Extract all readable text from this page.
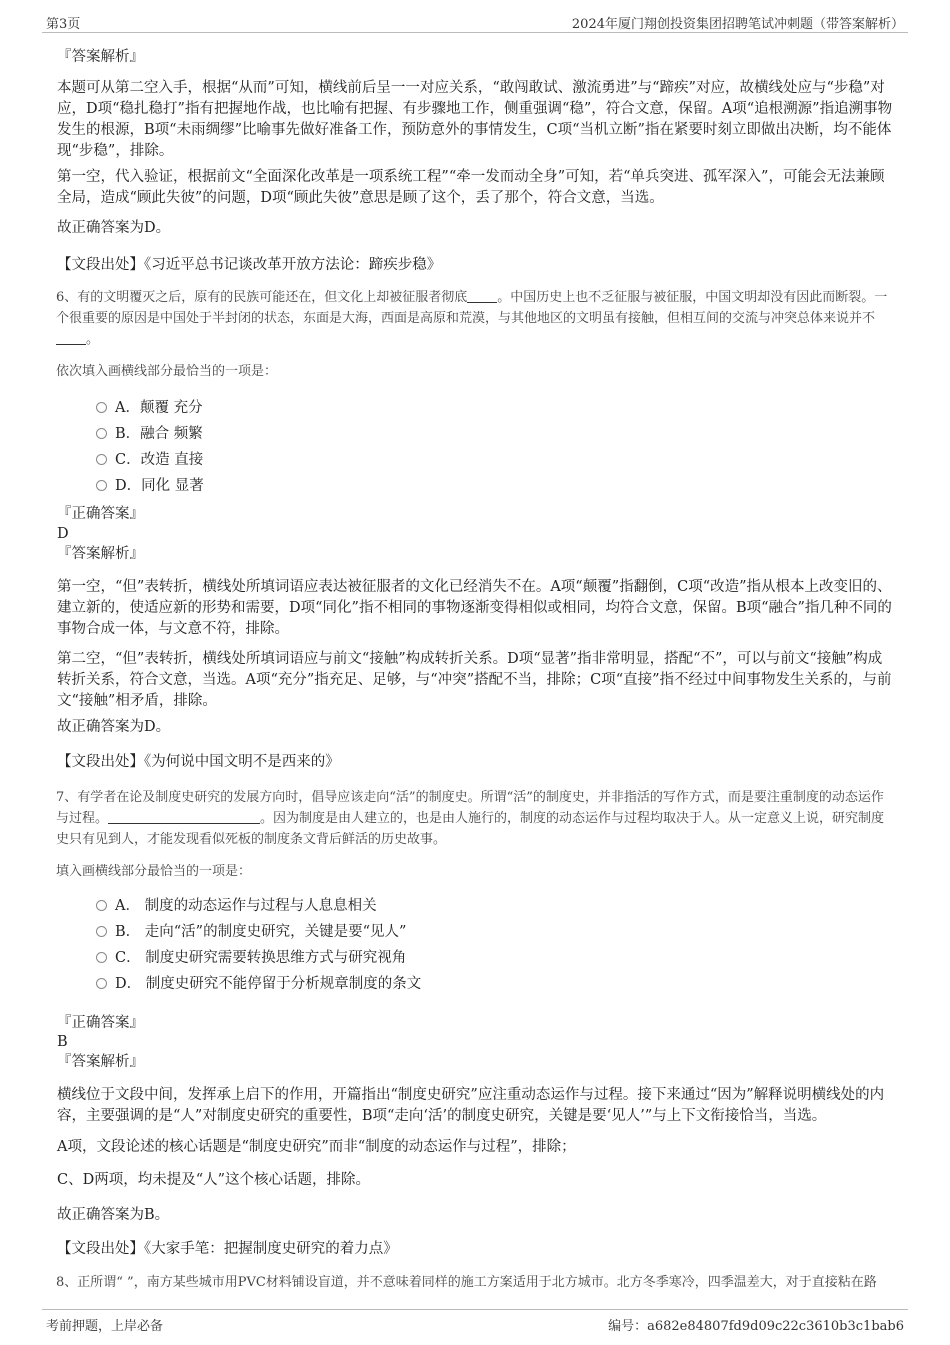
第3页	2024年厦门翔创投资集团招聘笔试冲刺题（带答案解析）

『答案解析』

本题可从第二空入手，根据“从而”可知，横线前后呈一一对应关系，“敢闯敢试、激流勇进”与“蹄疾”对应，故横线处应与“步稳”对应，D项“稳扎稳打”指有把握地作战，也比喻有把握、有步骤地工作，侧重强调“稳”，符合文意，保留。A项“追根溯源”指追溯事物发生的根源，B项“未雨绸缪”比喻事先做好准备工作，预防意外的事情发生，C项“当机立断”指在紧要时刻立即做出决断，均不能体现“步稳”，排除。

第一空，代入验证，根据前文“全面深化改革是一项系统工程”“牵一发而动全身”可知，若“单兵突进、孤军深入”，可能会无法兼顾全局，造成“顾此失彼”的问题，D项“顾此失彼”意思是顾了这个，丢了那个，符合文意，当选。

故正确答案为D。

【文段出处】《习近平总书记谈改革开放方法论：蹄疾步稳》

6、有的文明覆灭之后，原有的民族可能还在，但文化上却被征服者彻底 。中国历史上也不乏征服与被征服，中国文明却没有因此而断裂。一个很重要的原因是中国处于半封闭的状态，东面是大海，西面是高原和荒漠，与其他地区的文明虽有接触，但相互间的交流与冲突总体来说并不。

依次填入画横线部分最恰当的一项是：

A．颠覆 充分
B．融合 频繁
C．改造 直接
D．同化 显著

『正确答案』

D

『答案解析』

第一空，“但”表转折，横线处所填词语应表达被征服者的文化已经消失不在。A项“颠覆”指翻倒，C项“改造”指从根本上改变旧的、建立新的，使适应新的形势和需要，D项“同化”指不相同的事物逐渐变得相似或相同，均符合文意，保留。B项“融合”指几种不同的事物合成一体，与文意不符，排除。

第二空，“但”表转折，横线处所填词语应与前文“接触”构成转折关系。D项“显著”指非常明显，搭配“不”，可以与前文“接触”构成转折关系，符合文意，当选。A项“充分”指充足、足够，与“冲突”搭配不当，排除；C项“直接”指不经过中间事物发生关系的，与前文“接触”相矛盾，排除。

故正确答案为D。

【文段出处】《为何说中国文明不是西来的》

7、有学者在论及制度史研究的发展方向时，倡导应该走向“活”的制度史。所谓“活”的制度史，并非指活的写作方式，而是要注重制度的动态运作与过程。	。因为制度是由人建立的，也是由人施行的，制度的动态运作与过程均取决于人。从一定意义上说，研究制度史只有见到人，才能发现看似死板的制度条文背后鲜活的历史故事。

填入画横线部分最恰当的一项是：

A． 制度的动态运作与过程与人息息相关
B． 走向“活”的制度史研究，关键是要“见人”
C． 制度史研究需要转换思维方式与研究视角
D． 制度史研究不能停留于分析规章制度的条文

『正确答案』

B

『答案解析』

横线位于文段中间，发挥承上启下的作用，开篇指出“制度史研究”应注重动态运作与过程。接下来通过“因为”解释说明横线处的内容，主要强调的是“人”对制度史研究的重要性，B项“走向‘活’的制度史研究，关键是要‘见人’”与上下文衔接恰当，当选。

A项，文段论述的核心话题是“制度史研究”而非“制度的动态运作与过程”，排除；

C、D两项，均未提及“人”这个核心话题，排除。

故正确答案为B。

【文段出处】《大家手笔：把握制度史研究的着力点》

8、正所谓“ ”，南方某些城市用PVC材料铺设盲道，并不意味着同样的施工方案适用于北方城市。北方冬季寒冷，四季温差大，对于直接粘在路

考前押题，上岸必备	编号：a682e84807fd9d09c22c3610b3c1bab6
